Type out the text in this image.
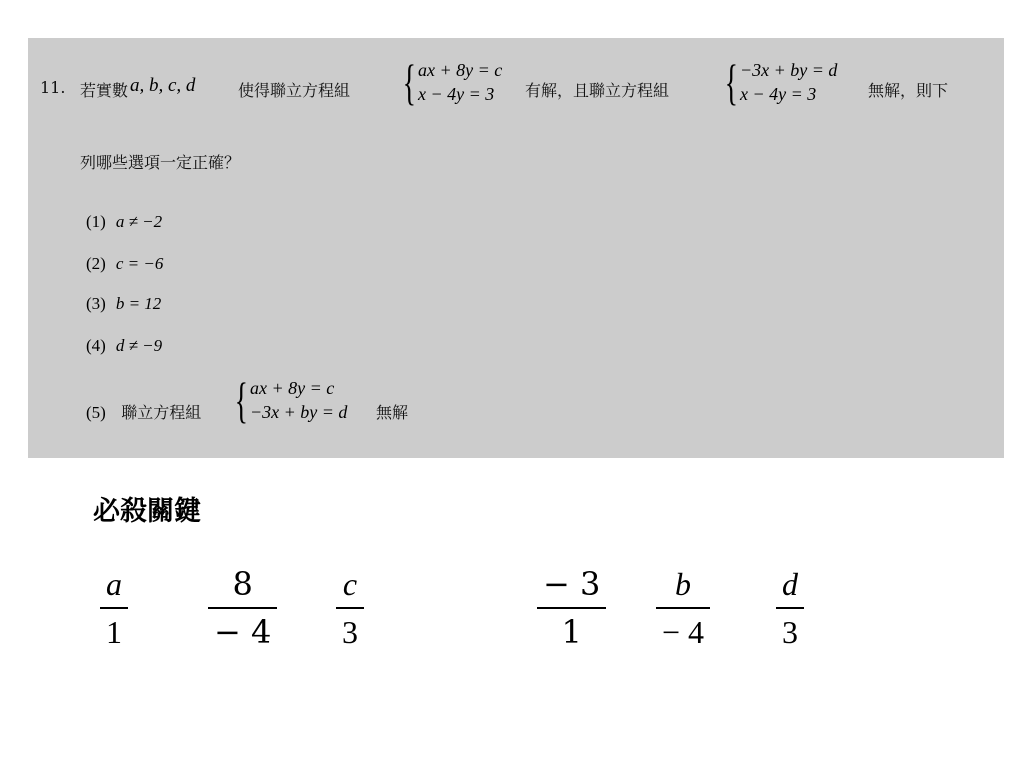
11. 若實數 a, b, c, d	使得聯立方程組 { ax + 8y = c
x − 4y = 3	有解，且聯立方程組 { −3x + by = d
x − 4y = 3	無解，則下
列哪些選項一定正確？
(1) a ≠ −2
(2) c = −6
(3) b = 12
(4) d ≠ −9
(5) 聯立方程組 { ax + 8y = c
−3x + by = d 無解
必殺關鍵
a
1
8
− 4
c
3
− 3
1
b
− 4
d
3
